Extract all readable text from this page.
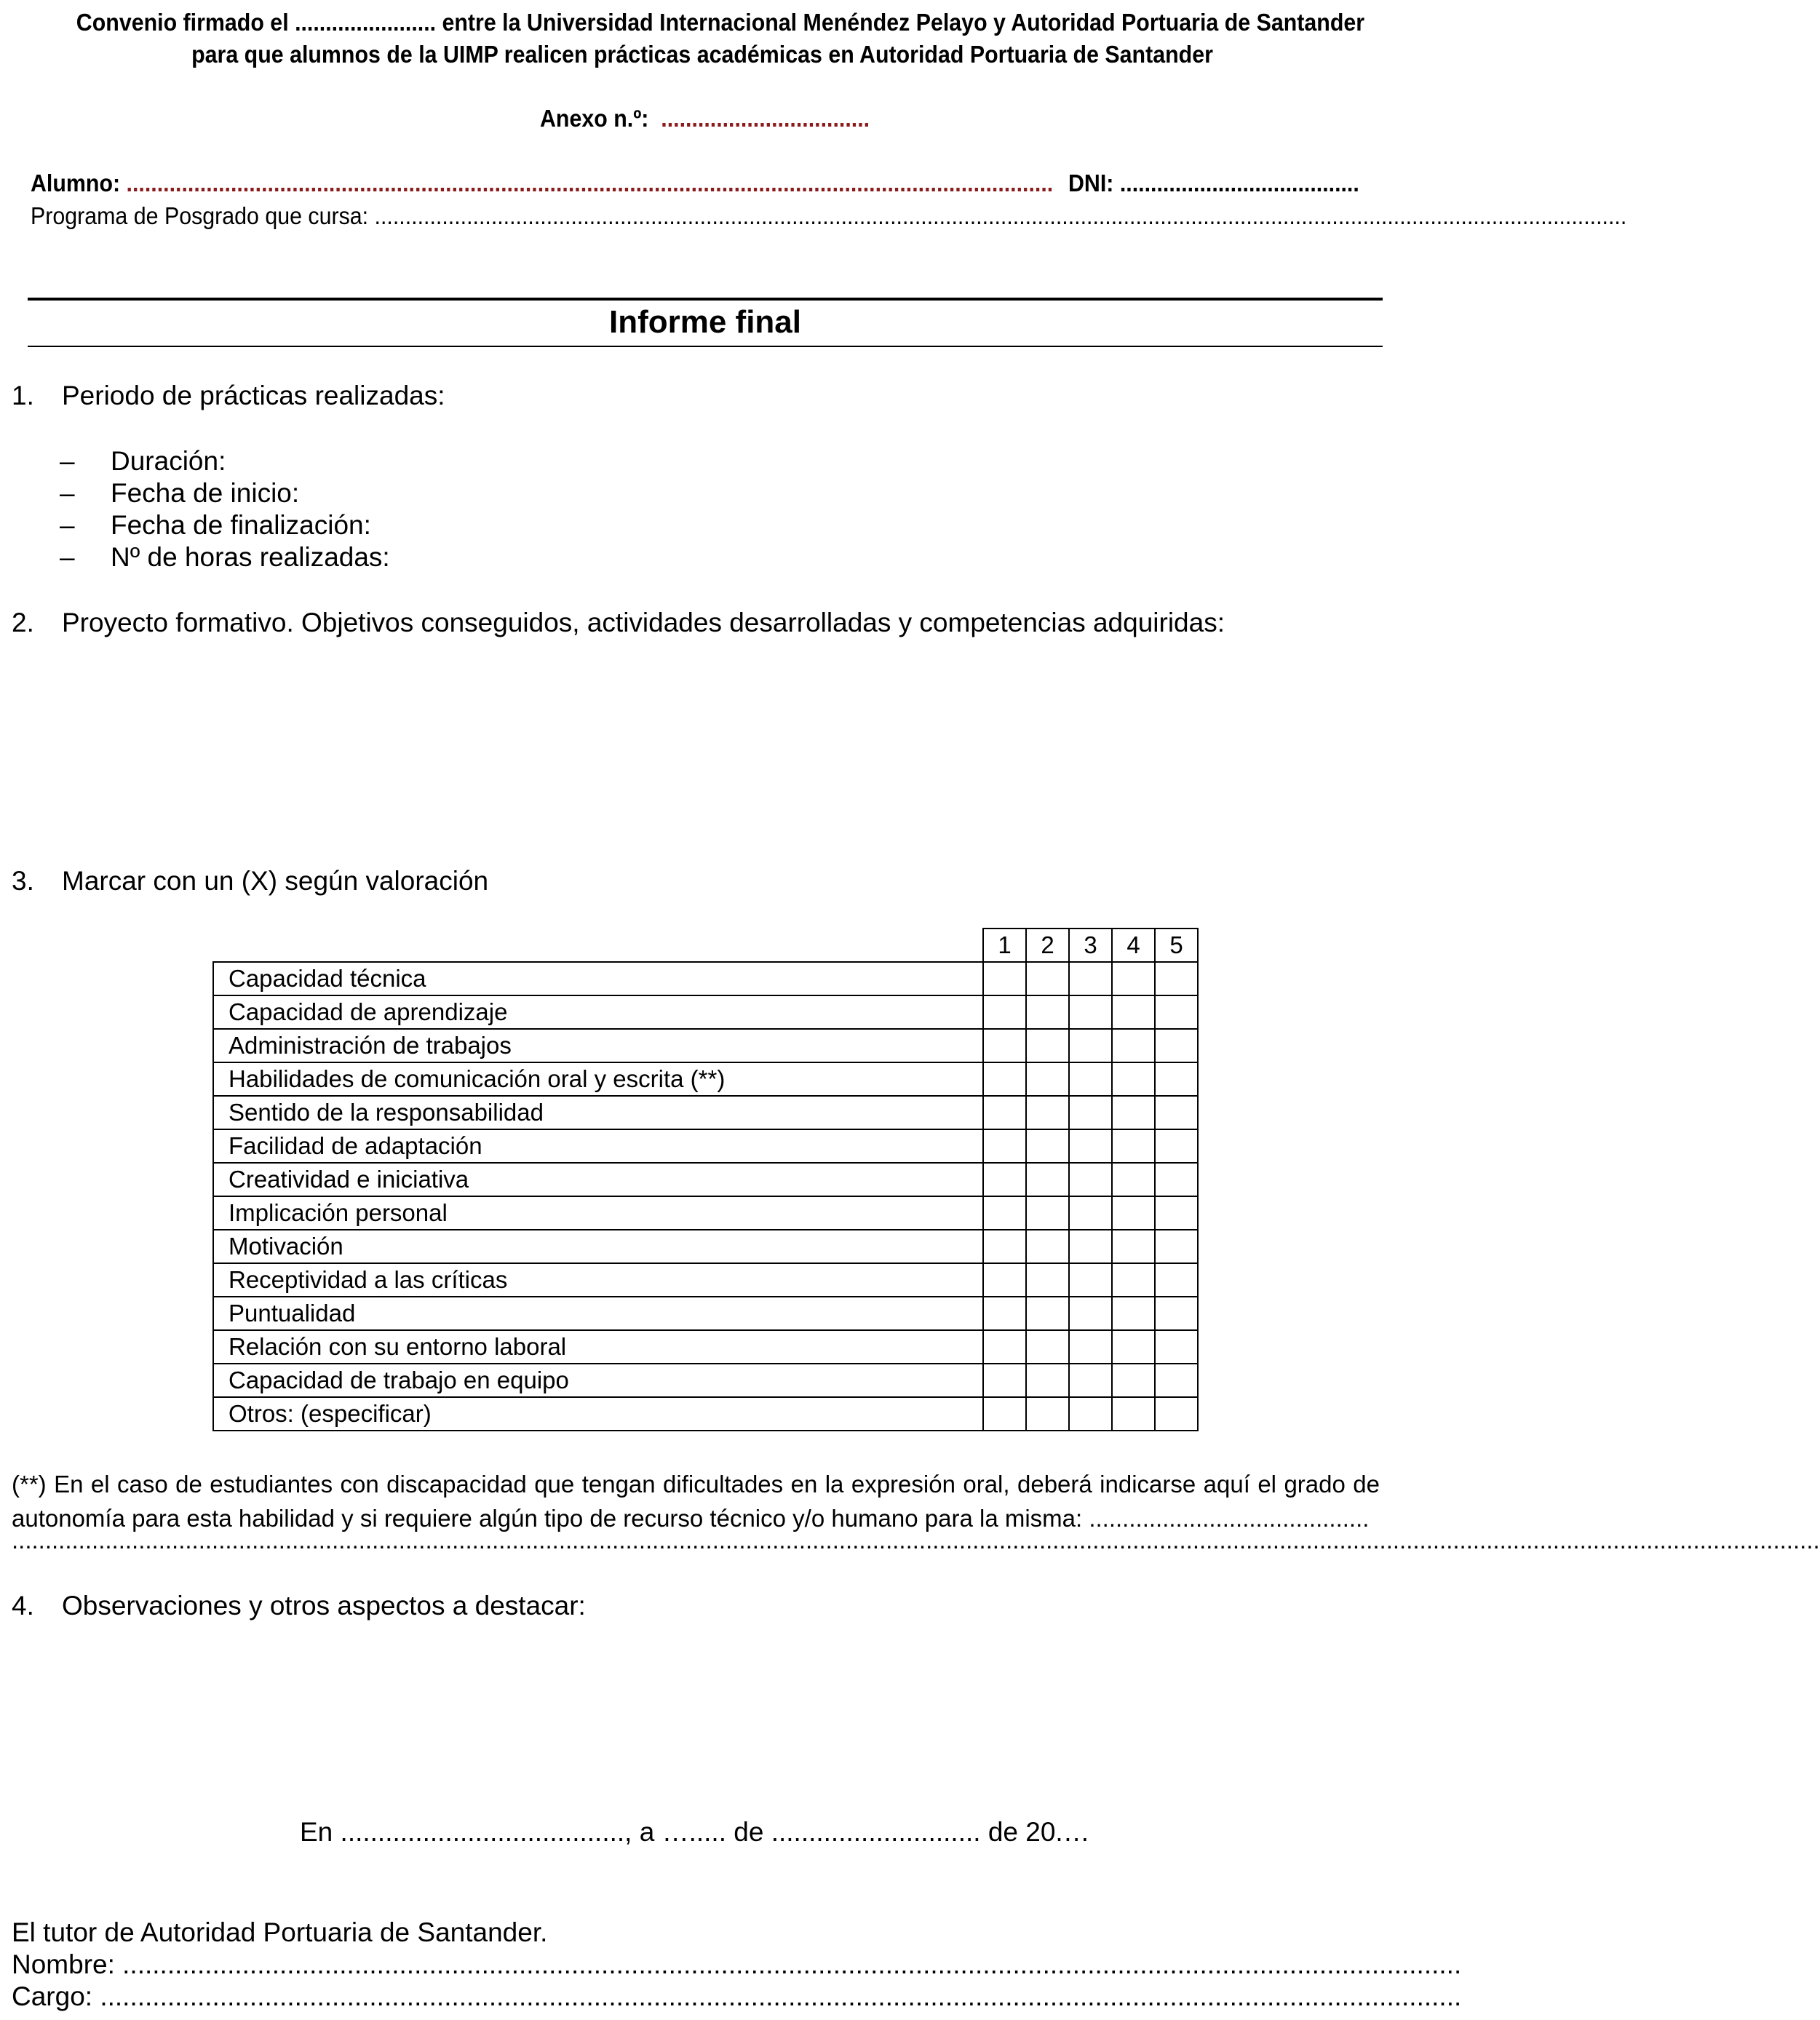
Convenio firmado el ....................... entre la Universidad Internacional Menéndez Pelayo y Autoridad Portuaria de Santander
para que alumnos de la UIMP realicen prácticas académicas en Autoridad Portuaria de Santander
Anexo n.º: ..................................
Alumno: ....................................................................................................................................................... DNI: .......................................
Programa de Posgrado que cursa: ............................................................................................................................................................................................................
Informe final
1. Periodo de prácticas realizadas:
– Duración:
– Fecha de inicio:
– Fecha de finalización:
– Nº de horas realizadas:
2. Proyecto formativo. Objetivos conseguidos, actividades desarrolladas y competencias adquiridas:
3. Marcar con un (X) según valoración
	1	2	3	4	5
Capacidad técnica					
Capacidad de aprendizaje					
Administración de trabajos					
Habilidades de comunicación oral y escrita (**)					
Sentido de la responsabilidad					
Facilidad de adaptación					
Creatividad e iniciativa					
Implicación personal					
Motivación					
Receptividad a las críticas					
Puntualidad					
Relación con su entorno laboral					
Capacidad de trabajo en equipo					
Otros: (especificar)					
(**) En el caso de estudiantes con discapacidad que tengan dificultades en la expresión oral, deberá indicarse aquí el grado de autonomía para esta habilidad y si requiere algún tipo de recurso técnico y/o humano para la misma: ..........................................
...............................................................................................................................................................................................................................................................................
4. Observaciones y otros aspectos a destacar:
En ......................................, a …..... de ............................ de 20.…
El tutor de Autoridad Portuaria de Santander.
Nombre: ...................................................................................................................................................................................
Cargo: ......................................................................................................................................................................................
